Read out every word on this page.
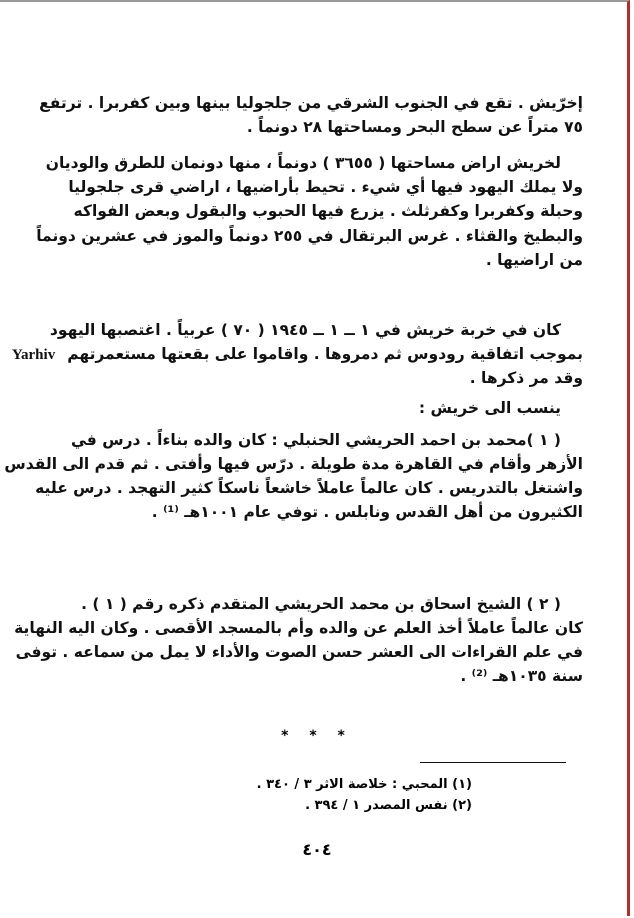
إخرّيش . تقع في الجنوب الشرقي من جلجوليا بينها وبين كفربرا . ترتفع
٧٥ متراً عن سطح البحر ومساحتها ٢٨ دونماً .
لخريش اراض مساحتها ( ٣٦٥٥ ) دونماً ، منها دونمان للطرق والوديان
ولا يملك اليهود فيها أي شيء . تحيط بأراضيها ، اراضي قرى جلجوليا
وحبلة وكفربرا وكفرثلث . يزرع فيها الحبوب والبقول وبعض الفواكه
والبطيخ والقثاء . غرس البرتقال في ٢٥٥ دونماً والموز في عشرين دونماً
من اراضيها .
كان في خربة خريش في ١ ــ ١ ــ ١٩٤٥ ( ٧٠ ) عربياً . اغتصبها اليهود
بموجب اتفاقية رودوس ثم دمروها . واقاموا على بقعتها مستعمرتهم
Yarhiv
وقد مر ذكرها .
ينسب الى خريش :
( ١ )محمد بن احمد الحريشي الحنبلي : كان والده بناءاً . درس في
الأزهر وأقام في القاهرة مدة طويلة . درّس فيها وأفتى . ثم قدم الى القدس
واشتغل بالتدريس . كان عالماً عاملاً خاشعاً ناسكاً كثير التهجد . درس عليه
الكثيرون من أهل القدس ونابلس . توفي عام ١٠٠١هـ ⁽¹⁾ .
( ٢ ) الشيخ اسحاق بن محمد الحريشي المتقدم ذكره رقم ( ١ ) .
كان عالماً عاملاً أخذ العلم عن والده وأم بالمسجد الأقصى . وكان اليه النهاية
في علم القراءات الى العشر حسن الصوت والأداء لا يمل من سماعه . توفى
سنة ١٠٣٥هـ ⁽²⁾ .
* * *
(١) المحبي : خلاصة الاثر ٣ / ٣٤٠ .
(٢) نفس المصدر ١ / ٣٩٤ .
٤٠٤
